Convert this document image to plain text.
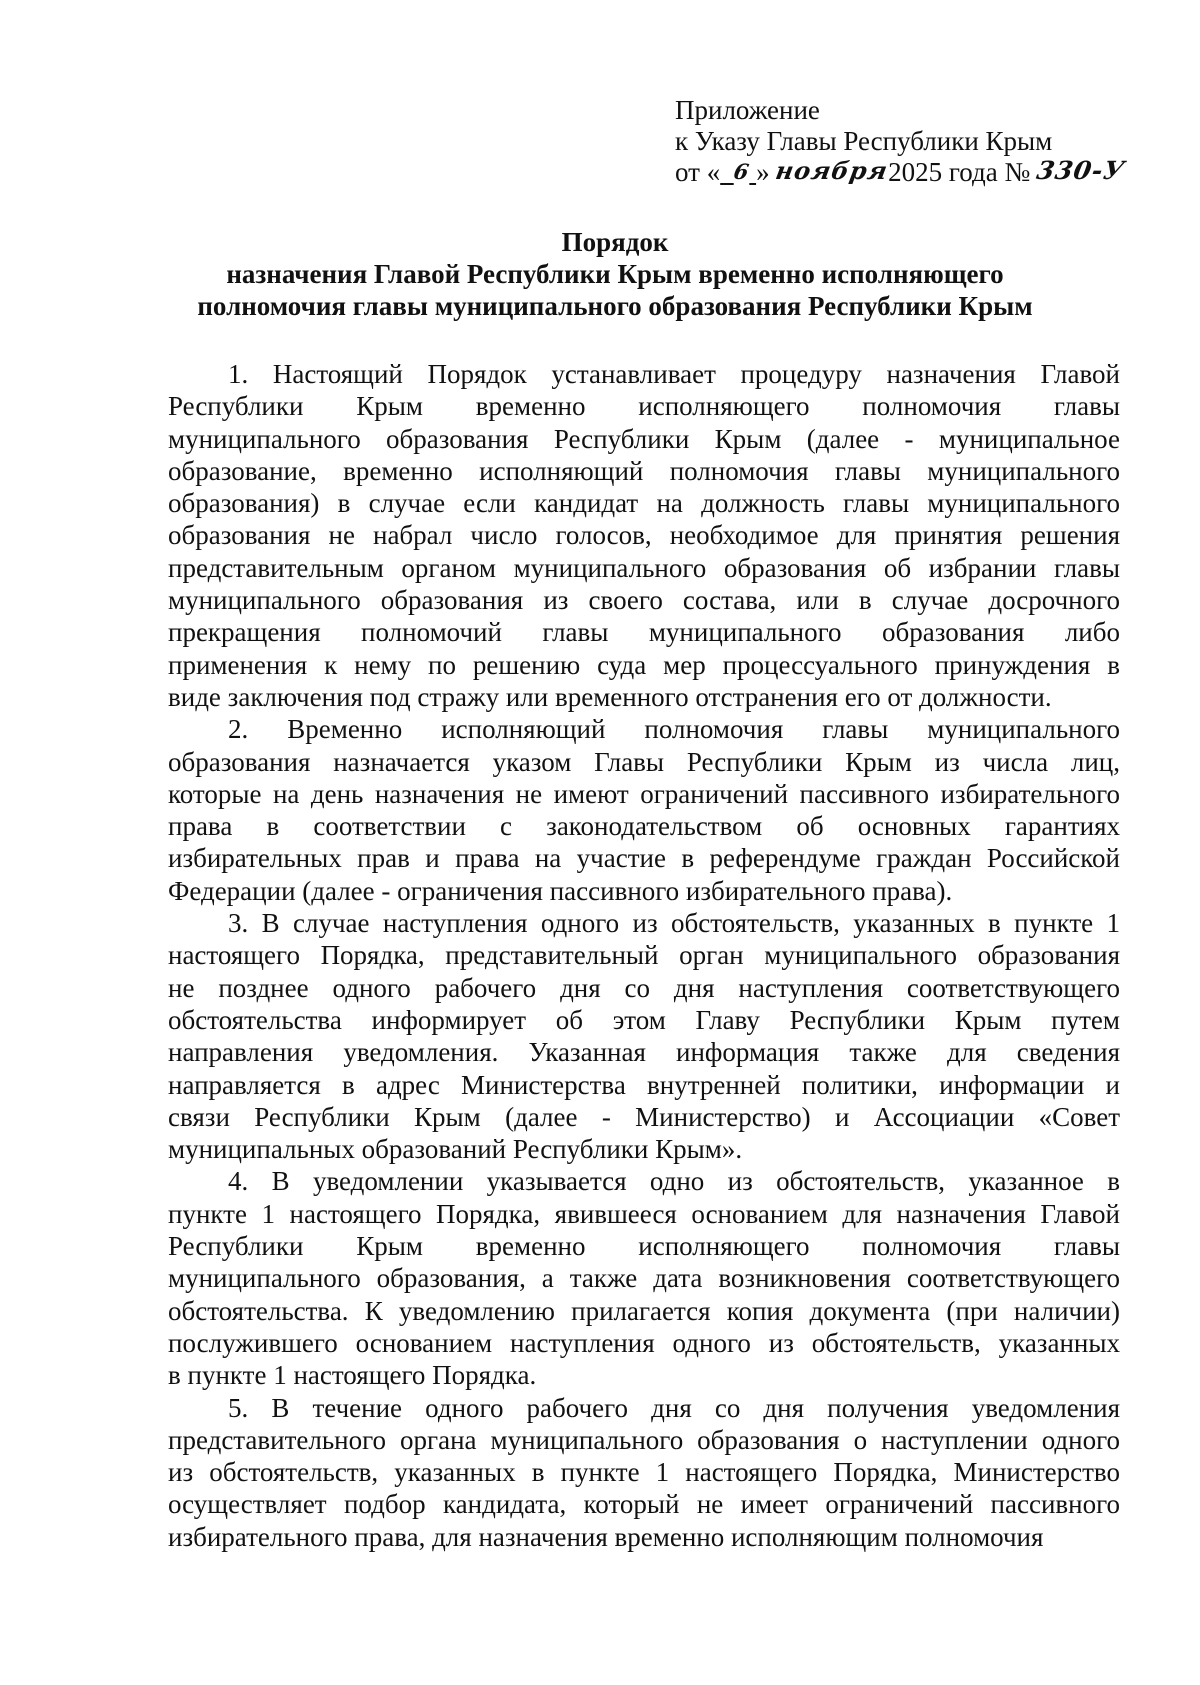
Приложение
к Указу Главы Республики Крым
от « 6 » ноября2025 года № 330-У
Порядок
назначения Главой Республики Крым временно исполняющего
полномочия главы муниципального образования Республики Крым

1. Настоящий Порядок устанавливает процедуру назначения Главой
Республики Крым временно исполняющего полномочия главы
муниципального образования Республики Крым (далее - муниципальное
образование, временно исполняющий полномочия главы муниципального
образования) в случае если кандидат на должность главы муниципального
образования не набрал число голосов, необходимое для принятия решения
представительным органом муниципального образования об избрании главы
муниципального образования из своего состава, или в случае досрочного
прекращения полномочий главы муниципального образования либо
применения к нему по решению суда мер процессуального принуждения в
виде заключения под стражу или временного отстранения его от должности.

2. Временно исполняющий полномочия главы муниципального
образования назначается указом Главы Республики Крым из числа лиц,
которые на день назначения не имеют ограничений пассивного избирательного
права в соответствии с законодательством об основных гарантиях
избирательных прав и права на участие в референдуме граждан Российской
Федерации (далее - ограничения пассивного избирательного права).

3. В случае наступления одного из обстоятельств, указанных в пункте 1
настоящего Порядка, представительный орган муниципального образования
не позднее одного рабочего дня со дня наступления соответствующего
обстоятельства информирует об этом Главу Республики Крым путем
направления уведомления. Указанная информация также для сведения
направляется в адрес Министерства внутренней политики, информации и
связи Республики Крым (далее - Министерство) и Ассоциации «Совет
муниципальных образований Республики Крым».

4. В уведомлении указывается одно из обстоятельств, указанное в
пункте 1 настоящего Порядка, явившееся основанием для назначения Главой
Республики Крым временно исполняющего полномочия главы
муниципального образования, а также дата возникновения соответствующего
обстоятельства. К уведомлению прилагается копия документа (при наличии)
послужившего основанием наступления одного из обстоятельств, указанных
в пункте 1 настоящего Порядка.

5. В течение одного рабочего дня со дня получения уведомления
представительного органа муниципального образования о наступлении одного
из обстоятельств, указанных в пункте 1 настоящего Порядка, Министерство
осуществляет подбор кандидата, который не имеет ограничений пассивного
избирательного права, для назначения временно исполняющим полномочия
